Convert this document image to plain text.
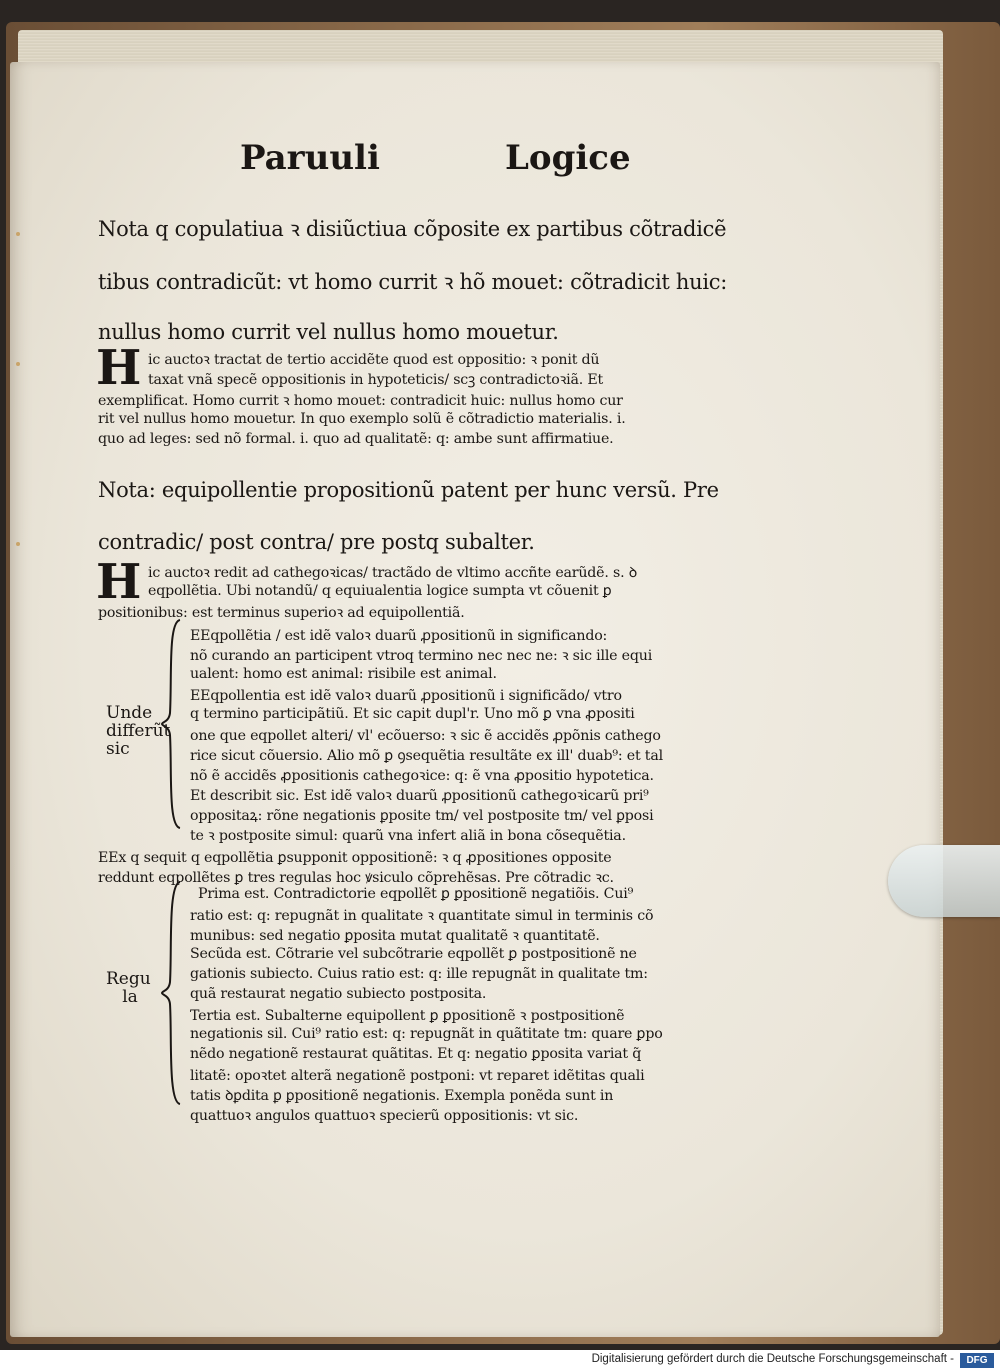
Paruuli	Logice
Nota q copulatiua ꝛ disiũctiua cõposite ex partibus cõtradicẽ
tibus contradicũt: vt homo currit ꝛ hõ mouet: cõtradicit huic:
nullus homo currit vel nullus homo mouetur.
H ic auctoꝛ tractat de tertio accidẽte quod est oppositio: ꝛ ponit dũ
taxat vnã specẽ oppositionis in hypoteticis/ scꝫ contradictoꝛiã. Et
exemplificat. Homo currit ꝛ homo mouet: contradicit huic: nullus homo cur
rit vel nullus homo mouetur. In quo exemplo solũ ẽ cõtradictio materialis. i.
quo ad leges: sed nõ formal. i. quo ad qualitatẽ: q: ambe sunt affirmatiue.
Nota: equipollentie propositionũ patent per hunc versũ. Pre
contradic/ post contra/ pre postq subalter.
H ic auctoꝛ redit ad cathegoꝛicas/ tractãdo de vltimo accñte earũdẽ. s. ꝺ
eqpollẽtia. Ubi notandũ/ q equiualentia logice sumpta vt cõuenit ꝑ
positionibus: est terminus superioꝛ ad equipollentiã.
Unde
differũt
sic
EEqpollẽtia / est idẽ valoꝛ duarũ ꝓpositionũ in significando:
nõ curando an participent vtroq termino nec nec ne: ꝛ sic ille equi
ualent: homo est animal: risibile est animal.
EEqpollentia est idẽ valoꝛ duarũ ꝓpositionũ i significãdo/ vtro
q termino participãtiũ. Et sic capit dupl'r. Uno mõ ꝑ vna ꝓpositi
one que eqpollet alteri/ vl' ecõuerso: ꝛ sic ẽ accidẽs ꝓpõnis cathego
rice sicut cõuersio. Alio mõ ꝑ ꝯsequẽtia resultãte ex ill' duab⁹: et tal
nõ ẽ accidẽs ꝓpositionis cathegoꝛice: q: ẽ vna ꝓpositio hypotetica.
Et describit sic. Est idẽ valoꝛ duarũ ꝓpositionũ cathegoꝛicarũ pri⁹
oppositaꝝ: rõne negationis ꝑposite tm/ vel postposite tm/ vel ꝑposi
te ꝛ postposite simul: quarũ vna infert aliã in bona cõsequẽtia.
EEx q sequit q eqpollẽtia ꝑsupponit oppositionẽ: ꝛ q ꝓpositiones opposite
reddunt eqpollẽtes ꝑ tres regulas hoc ꝟsiculo cõprehẽsas. Pre cõtradic ꝛc.
Regu
la
Prima est. Contradictorie eqpollẽt ꝑ ꝑpositionẽ negatiõis. Cui⁹
ratio est: q: repugnãt in qualitate ꝛ quantitate simul in terminis cõ
munibus: sed negatio ꝑposita mutat qualitatẽ ꝛ quantitatẽ.
Secũda est. Cõtrarie vel subcõtrarie eqpollẽt ꝑ postpositionẽ ne
gationis subiecto. Cuius ratio est: q: ille repugnãt in qualitate tm:
quã restaurat negatio subiecto postposita.
Tertia est. Subalterne equipollent ꝑ ꝑpositionẽ ꝛ postpositionẽ
negationis sil. Cui⁹ ratio est: q: repugnãt in quãtitate tm: quare ꝑpo
nẽdo negationẽ restaurat quãtitas. Et q: negatio ꝑposita variat q̃
litatẽ: opoꝛtet alterã negationẽ postponi: vt reparet idẽtitas quali
tatis ꝺꝑdita ꝑ ꝑpositionẽ negationis. Exempla ponẽda sunt in
quattuoꝛ angulos quattuoꝛ specierũ oppositionis: vt sic.
Digitalisierung gefördert durch die Deutsche Forschungsgemeinschaft -	DFG
